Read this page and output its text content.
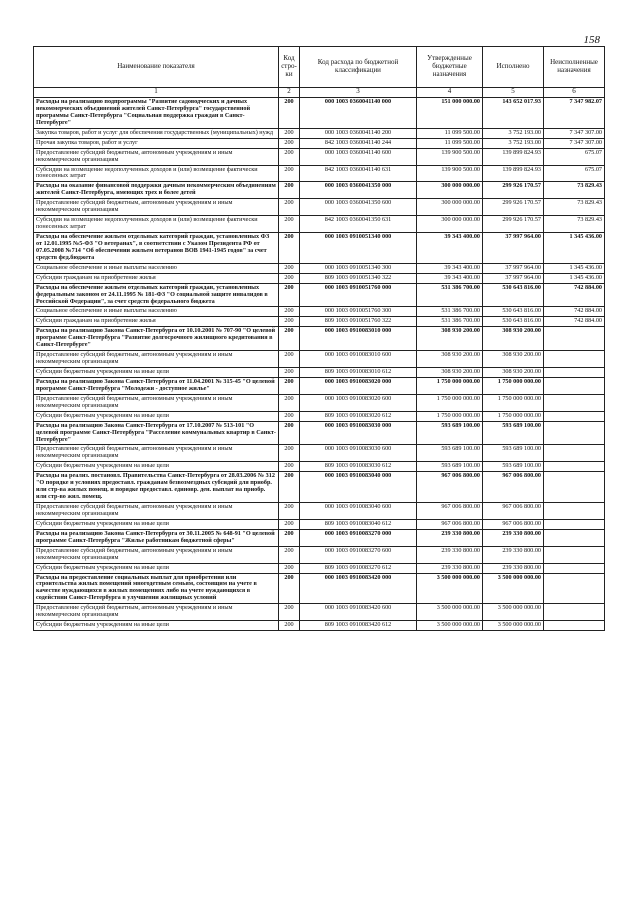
158
Наименование показателя	Код стро-ки	Код расхода по бюджетной классификации	Утвержденные бюджетные назначения	Исполнено	Неисполненные назначения
1	2	3	4	5	6
Расходы на реализацию подпрограммы "Развитие садоводческих и дачных некоммерческих объединений жителей Санкт-Петербурга" государственной программы Санкт-Петербурга "Социальная поддержка граждан в Санкт-Петербурге"	200	000 1003 0360041140 000	151 000 000.00	143 652 017.93	7 347 982.07
Закупка товаров, работ и услуг для обеспечения государственных (муниципальных) нужд	200	000 1003 0360041140 200	11 099 500.00	3 752 193.00	7 347 307.00
Прочая закупка товаров, работ и услуг	200	842 1003 0360041140 244	11 099 500.00	3 752 193.00	7 347 307.00
Предоставление субсидий бюджетным, автономным учреждениям и иным некоммерческим организациям	200	000 1003 0360041140 600	139 900 500.00	139 899 824.93	675.07
Субсидии на возмещение недополученных доходов и (или) возмещение фактически понесенных затрат	200	842 1003 0360041140 631	139 900 500.00	139 899 824.93	675.07
Расходы на оказание финансовой поддержки дачным некоммерческим объединениям жителей Санкт-Петербурга, имеющих трех и более детей	200	000 1003 0360041350 000	300 000 000.00	299 926 170.57	73 829.43
Предоставление субсидий бюджетным, автономным учреждениям и иным некоммерческим организациям	200	000 1003 0360041350 600	300 000 000.00	299 926 170.57	73 829.43
Субсидии на возмещение недополученных доходов и (или) возмещение фактически понесенных затрат	200	842 1003 0360041350 631	300 000 000.00	299 926 170.57	73 829.43
Расходы на обеспечение жильем отдельных категорий граждан, установленных ФЗ от 12.01.1995 №5-ФЗ "О ветеранах", в соответствии с Указом Президента РФ от 07.05.2008 №714 "Об обеспечении жильем ветеранов ВОВ 1941-1945 годов" за счет средств фед.бюджета	200	000 1003 0910051340 000	39 343 400.00	37 997 964.00	1 345 436.00
Социальное обеспечение и иные выплаты населению	200	000 1003 0910051340 300	39 343 400.00	37 997 964.00	1 345 436.00
Субсидии гражданам на приобретение жилья	200	809 1003 0910051340 322	39 343 400.00	37 997 964.00	1 345 436.00
Расходы на обеспечение жильем отдельных категорий граждан, установленных федеральным законом от 24.11.1995 № 181-ФЗ "О социальной защите инвалидов в Российской Федерации", за счет средств федерального бюджета	200	000 1003 0910051760 000	531 386 700.00	530 643 816.00	742 884.00
Социальное обеспечение и иные выплаты населению	200	000 1003 0910051760 300	531 386 700.00	530 643 816.00	742 884.00
Субсидии гражданам на приобретение жилья	200	809 1003 0910051760 322	531 386 700.00	530 643 816.00	742 884.00
Расходы на реализацию Закона Санкт-Петербурга от 10.10.2001 № 707-90 "О целевой программе Санкт-Петербурга "Развитие долгосрочного жилищного кредитования в Санкт-Петербурге"	200	000 1003 0910083010 000	308 930 200.00	308 930 200.00	
Предоставление субсидий бюджетным, автономным учреждениям и иным некоммерческим организациям	200	000 1003 0910083010 600	308 930 200.00	308 930 200.00	
Субсидии бюджетным учреждениям на иные цели	200	809 1003 0910083010 612	308 930 200.00	308 930 200.00	
Расходы на реализацию Закона Санкт-Петербурга от 11.04.2001 № 315-45 "О целевой программе Санкт-Петербурга "Молодежи - доступное жилье"	200	000 1003 0910083020 000	1 750 000 000.00	1 750 000 000.00	
Предоставление субсидий бюджетным, автономным учреждениям и иным некоммерческим организациям	200	000 1003 0910083020 600	1 750 000 000.00	1 750 000 000.00	
Субсидии бюджетным учреждениям на иные цели	200	809 1003 0910083020 612	1 750 000 000.00	1 750 000 000.00	
Расходы на реализацию Закона Санкт-Петербурга от 17.10.2007 № 513-101 "О целевой программе Санкт-Петербурга "Расселение коммунальных квартир в Санкт-Петербурге"	200	000 1003 0910083030 000	593 689 100.00	593 689 100.00	
Предоставление субсидий бюджетным, автономным учреждениям и иным некоммерческим организациям	200	000 1003 0910083030 600	593 689 100.00	593 689 100.00	
Субсидии бюджетным учреждениям на иные цели	200	809 1003 0910083030 612	593 689 100.00	593 689 100.00	
Расходы на реализ. постановл. Правительства Санкт-Петербурга от 28.03.2006 № 312 "О порядке и условиях предоставл. гражданам безвозмездных субсидий для приобр. или стр-ва жилых помещ. и порядке предоставл. единовр. ден. выплат на приобр. или стр-во жил. помещ.	200	000 1003 0910083040 000	967 006 800.00	967 006 800.00	
Предоставление субсидий бюджетным, автономным учреждениям и иным некоммерческим организациям	200	000 1003 0910083040 600	967 006 800.00	967 006 800.00	
Субсидии бюджетным учреждениям на иные цели	200	809 1003 0910083040 612	967 006 800.00	967 006 800.00	
Расходы на реализацию Закона Санкт-Петербурга от 30.11.2005 № 648-91 "О целевой программе Санкт-Петербурга "Жилье работникам бюджетной сферы"	200	000 1003 0910083270 000	239 330 800.00	239 330 800.00	
Предоставление субсидий бюджетным, автономным учреждениям и иным некоммерческим организациям	200	000 1003 0910083270 600	239 330 800.00	239 330 800.00	
Субсидии бюджетным учреждениям на иные цели	200	809 1003 0910083270 612	239 330 800.00	239 330 800.00	
Расходы на предоставление социальных выплат для приобретения или строительства жилых помещений многодетным семьям, состоящим на учете в качестве нуждающихся в жилых помещениях либо на учете нуждающихся в содействии Санкт-Петербурга в улучшении жилищных условий	200	000 1003 0910083420 000	3 500 000 000.00	3 500 000 000.00	
Предоставление субсидий бюджетным, автономным учреждениям и иным некоммерческим организациям	200	000 1003 0910083420 600	3 500 000 000.00	3 500 000 000.00	
Субсидии бюджетным учреждениям на иные цели	200	809 1003 0910083420 612	3 500 000 000.00	3 500 000 000.00	
